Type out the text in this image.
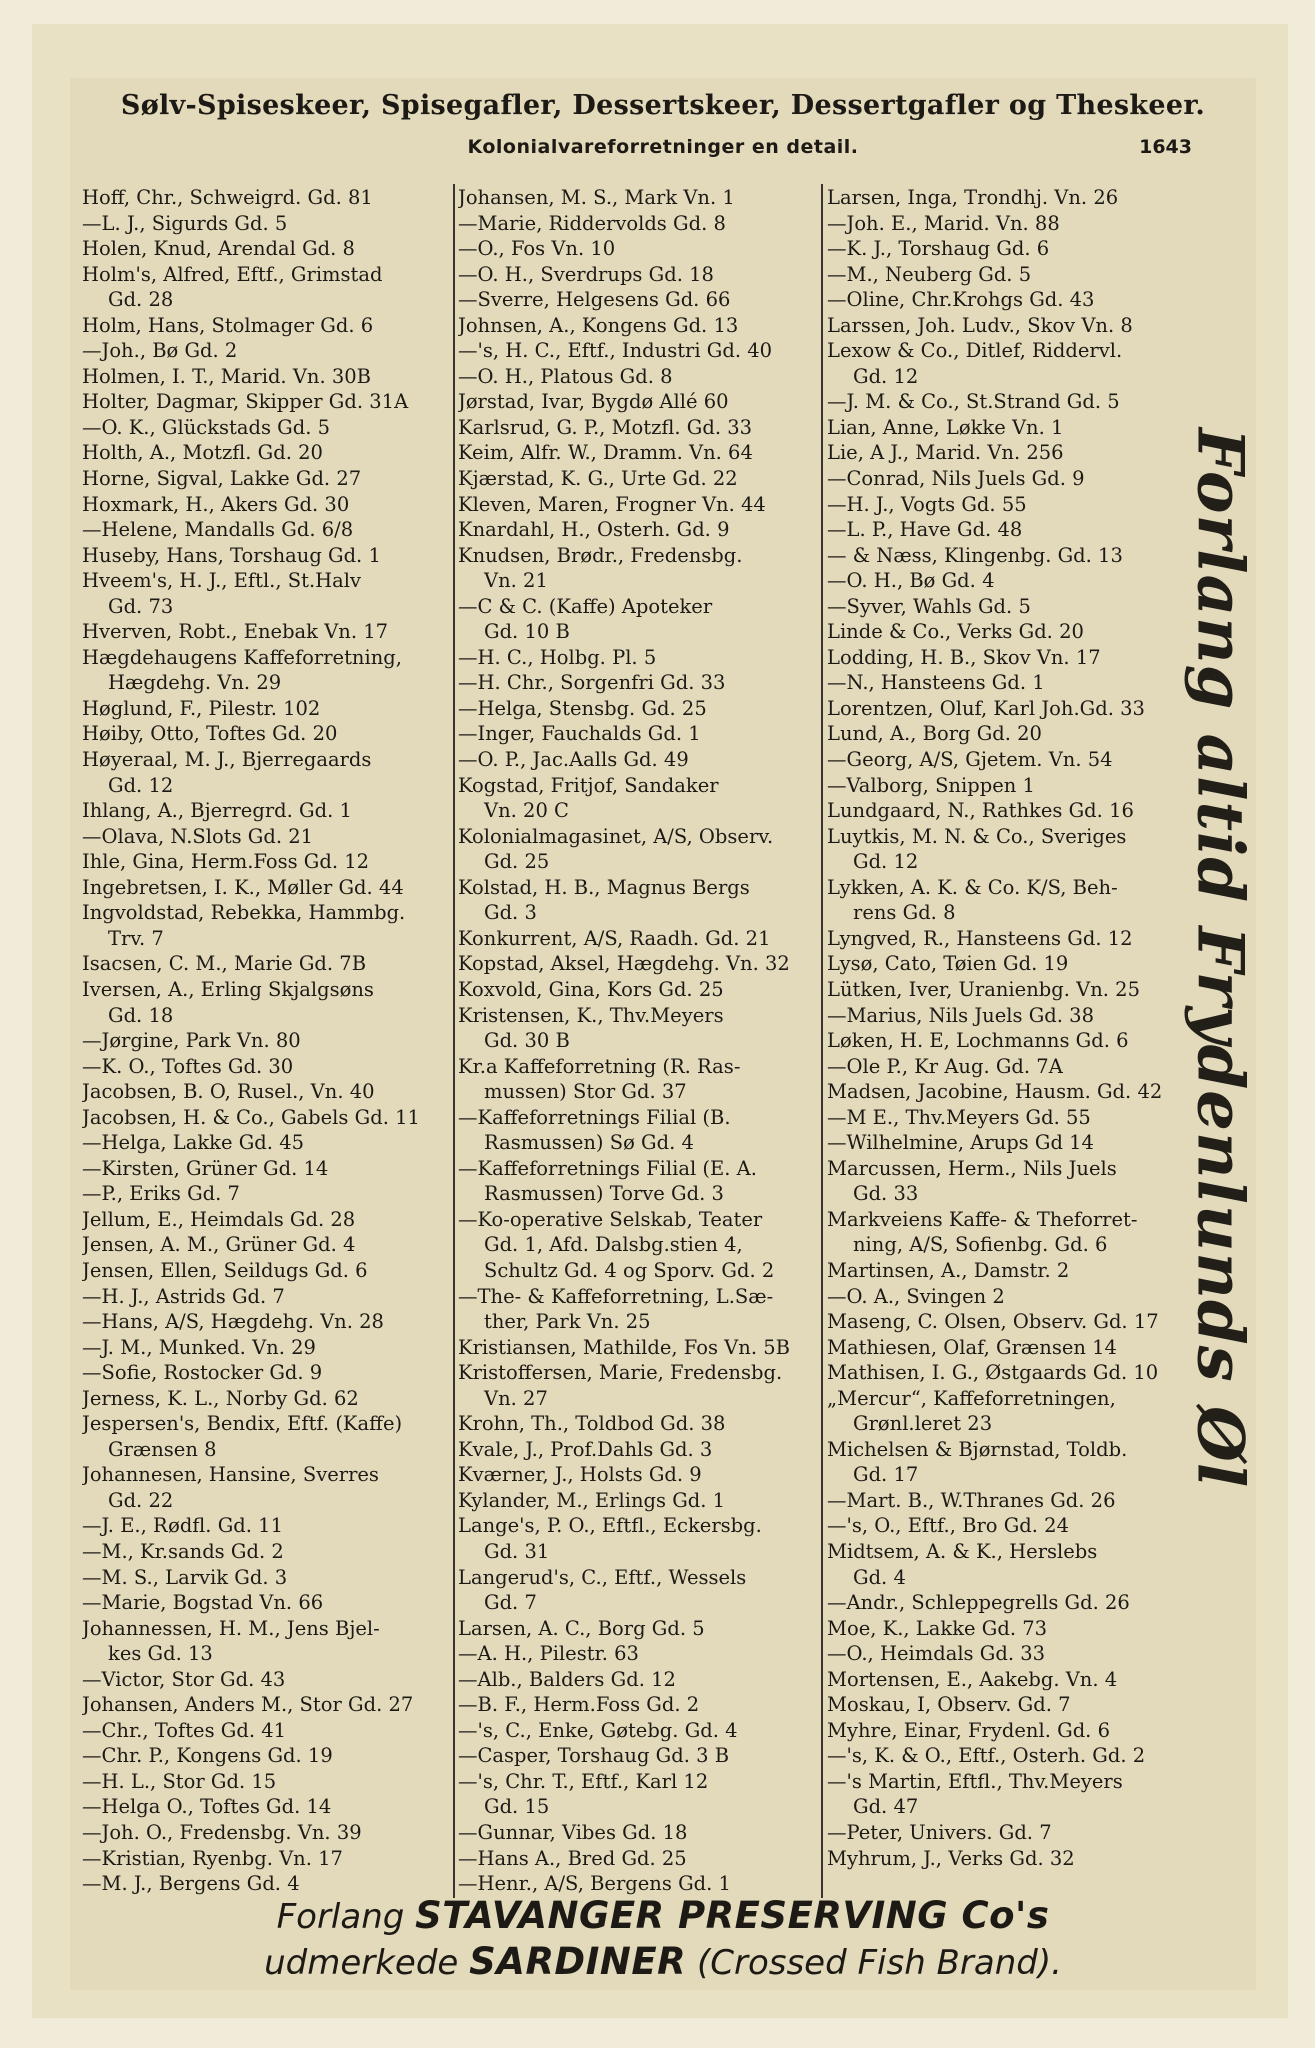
Sølv-Spiseskeer, Spisegafler, Dessertskeer, Dessertgafler og Theskeer.
Kolonialvareforretninger en detail.	1643
Hoff, Chr., Schweigrd. Gd. 81
—L. J., Sigurds Gd. 5
Holen, Knud, Arendal Gd. 8
Holm's, Alfred, Eftf., Grimstad
Gd. 28
Holm, Hans, Stolmager Gd. 6
—Joh., Bø Gd. 2
Holmen, I. T., Marid. Vn. 30B
Holter, Dagmar, Skipper Gd. 31A
—O. K., Glückstads Gd. 5
Holth, A., Motzfl. Gd. 20
Horne, Sigval, Lakke Gd. 27
Hoxmark, H., Akers Gd. 30
—Helene, Mandalls Gd. 6/8
Huseby, Hans, Torshaug Gd. 1
Hveem's, H. J., Eftl., St.Halv
Gd. 73
Hverven, Robt., Enebak Vn. 17
Hægdehaugens Kaffeforretning,
Hægdehg. Vn. 29
Høglund, F., Pilestr. 102
Høiby, Otto, Toftes Gd. 20
Høyeraal, M. J., Bjerregaards
Gd. 12
Ihlang, A., Bjerregrd. Gd. 1
—Olava, N.Slots Gd. 21
Ihle, Gina, Herm.Foss Gd. 12
Ingebretsen, I. K., Møller Gd. 44
Ingvoldstad, Rebekka, Hammbg.
Trv. 7
Isacsen, C. M., Marie Gd. 7B
Iversen, A., Erling Skjalgsøns
Gd. 18
—Jørgine, Park Vn. 80
—K. O., Toftes Gd. 30
Jacobsen, B. O, Rusel., Vn. 40
Jacobsen, H. & Co., Gabels Gd. 11
—Helga, Lakke Gd. 45
—Kirsten, Grüner Gd. 14
—P., Eriks Gd. 7
Jellum, E., Heimdals Gd. 28
Jensen, A. M., Grüner Gd. 4
Jensen, Ellen, Seildugs Gd. 6
—H. J., Astrids Gd. 7
—Hans, A/S, Hægdehg. Vn. 28
—J. M., Munked. Vn. 29
—Sofie, Rostocker Gd. 9
Jerness, K. L., Norby Gd. 62
Jespersen's, Bendix, Eftf. (Kaffe)
Grænsen 8
Johannesen, Hansine, Sverres
Gd. 22
—J. E., Rødfl. Gd. 11
—M., Kr.sands Gd. 2
—M. S., Larvik Gd. 3
—Marie, Bogstad Vn. 66
Johannessen, H. M., Jens Bjel-
kes Gd. 13
—Victor, Stor Gd. 43
Johansen, Anders M., Stor Gd. 27
—Chr., Toftes Gd. 41
—Chr. P., Kongens Gd. 19
—H. L., Stor Gd. 15
—Helga O., Toftes Gd. 14
—Joh. O., Fredensbg. Vn. 39
—Kristian, Ryenbg. Vn. 17
—M. J., Bergens Gd. 4
Johansen, M. S., Mark Vn. 1
—Marie, Riddervolds Gd. 8
—O., Fos Vn. 10
—O. H., Sverdrups Gd. 18
—Sverre, Helgesens Gd. 66
Johnsen, A., Kongens Gd. 13
—'s, H. C., Eftf., Industri Gd. 40
—O. H., Platous Gd. 8
Jørstad, Ivar, Bygdø Allé 60
Karlsrud, G. P., Motzfl. Gd. 33
Keim, Alfr. W., Dramm. Vn. 64
Kjærstad, K. G., Urte Gd. 22
Kleven, Maren, Frogner Vn. 44
Knardahl, H., Osterh. Gd. 9
Knudsen, Brødr., Fredensbg.
Vn. 21
—C & C. (Kaffe) Apoteker
Gd. 10 B
—H. C., Holbg. Pl. 5
—H. Chr., Sorgenfri Gd. 33
—Helga, Stensbg. Gd. 25
—Inger, Fauchalds Gd. 1
—O. P., Jac.Aalls Gd. 49
Kogstad, Fritjof, Sandaker
Vn. 20 C
Kolonialmagasinet, A/S, Observ.
Gd. 25
Kolstad, H. B., Magnus Bergs
Gd. 3
Konkurrent, A/S, Raadh. Gd. 21
Kopstad, Aksel, Hægdehg. Vn. 32
Koxvold, Gina, Kors Gd. 25
Kristensen, K., Thv.Meyers
Gd. 30 B
Kr.a Kaffeforretning (R. Ras-
mussen) Stor Gd. 37
—Kaffeforretnings Filial (B.
Rasmussen) Sø Gd. 4
—Kaffeforretnings Filial (E. A.
Rasmussen) Torve Gd. 3
—Ko-operative Selskab, Teater
Gd. 1, Afd. Dalsbg.stien 4,
Schultz Gd. 4 og Sporv. Gd. 2
—The- & Kaffeforretning, L.Sæ-
ther, Park Vn. 25
Kristiansen, Mathilde, Fos Vn. 5B
Kristoffersen, Marie, Fredensbg.
Vn. 27
Krohn, Th., Toldbod Gd. 38
Kvale, J., Prof.Dahls Gd. 3
Kværner, J., Holsts Gd. 9
Kylander, M., Erlings Gd. 1
Lange's, P. O., Eftfl., Eckersbg.
Gd. 31
Langerud's, C., Eftf., Wessels
Gd. 7
Larsen, A. C., Borg Gd. 5
—A. H., Pilestr. 63
—Alb., Balders Gd. 12
—B. F., Herm.Foss Gd. 2
—'s, C., Enke, Gøtebg. Gd. 4
—Casper, Torshaug Gd. 3 B
—'s, Chr. T., Eftf., Karl 12
Gd. 15
—Gunnar, Vibes Gd. 18
—Hans A., Bred Gd. 25
—Henr., A/S, Bergens Gd. 1
Larsen, Inga, Trondhj. Vn. 26
—Joh. E., Marid. Vn. 88
—K. J., Torshaug Gd. 6
—M., Neuberg Gd. 5
—Oline, Chr.Krohgs Gd. 43
Larssen, Joh. Ludv., Skov Vn. 8
Lexow & Co., Ditlef, Riddervl.
Gd. 12
—J. M. & Co., St.Strand Gd. 5
Lian, Anne, Løkke Vn. 1
Lie, A J., Marid. Vn. 256
—Conrad, Nils Juels Gd. 9
—H. J., Vogts Gd. 55
—L. P., Have Gd. 48
— & Næss, Klingenbg. Gd. 13
—O. H., Bø Gd. 4
—Syver, Wahls Gd. 5
Linde & Co., Verks Gd. 20
Lodding, H. B., Skov Vn. 17
—N., Hansteens Gd. 1
Lorentzen, Oluf, Karl Joh.Gd. 33
Lund, A., Borg Gd. 20
—Georg, A/S, Gjetem. Vn. 54
—Valborg, Snippen 1
Lundgaard, N., Rathkes Gd. 16
Luytkis, M. N. & Co., Sveriges
Gd. 12
Lykken, A. K. & Co. K/S, Beh-
rens Gd. 8
Lyngved, R., Hansteens Gd. 12
Lysø, Cato, Tøien Gd. 19
Lütken, Iver, Uranienbg. Vn. 25
—Marius, Nils Juels Gd. 38
Løken, H. E, Lochmanns Gd. 6
—Ole P., Kr Aug. Gd. 7A
Madsen, Jacobine, Hausm. Gd. 42
—M E., Thv.Meyers Gd. 55
—Wilhelmine, Arups Gd 14
Marcussen, Herm., Nils Juels
Gd. 33
Markveiens Kaffe- & Theforret-
ning, A/S, Sofienbg. Gd. 6
Martinsen, A., Damstr. 2
—O. A., Svingen 2
Maseng, C. Olsen, Observ. Gd. 17
Mathiesen, Olaf, Grænsen 14
Mathisen, I. G., Østgaards Gd. 10
„Mercur“, Kaffeforretningen,
Grønl.leret 23
Michelsen & Bjørnstad, Toldb.
Gd. 17
—Mart. B., W.Thranes Gd. 26
—'s, O., Eftf., Bro Gd. 24
Midtsem, A. & K., Herslebs
Gd. 4
—Andr., Schleppegrells Gd. 26
Moe, K., Lakke Gd. 73
—O., Heimdals Gd. 33
Mortensen, E., Aakebg. Vn. 4
Moskau, I, Observ. Gd. 7
Myhre, Einar, Frydenl. Gd. 6
—'s, K. & O., Eftf., Osterh. Gd. 2
—'s Martin, Eftfl., Thv.Meyers
Gd. 47
—Peter, Univers. Gd. 7
Myhrum, J., Verks Gd. 32
Forlang altid Frydenlunds Øl
Forlang STAVANGER PRESERVING Co's
udmerkede SARDINER (Crossed Fish Brand).
